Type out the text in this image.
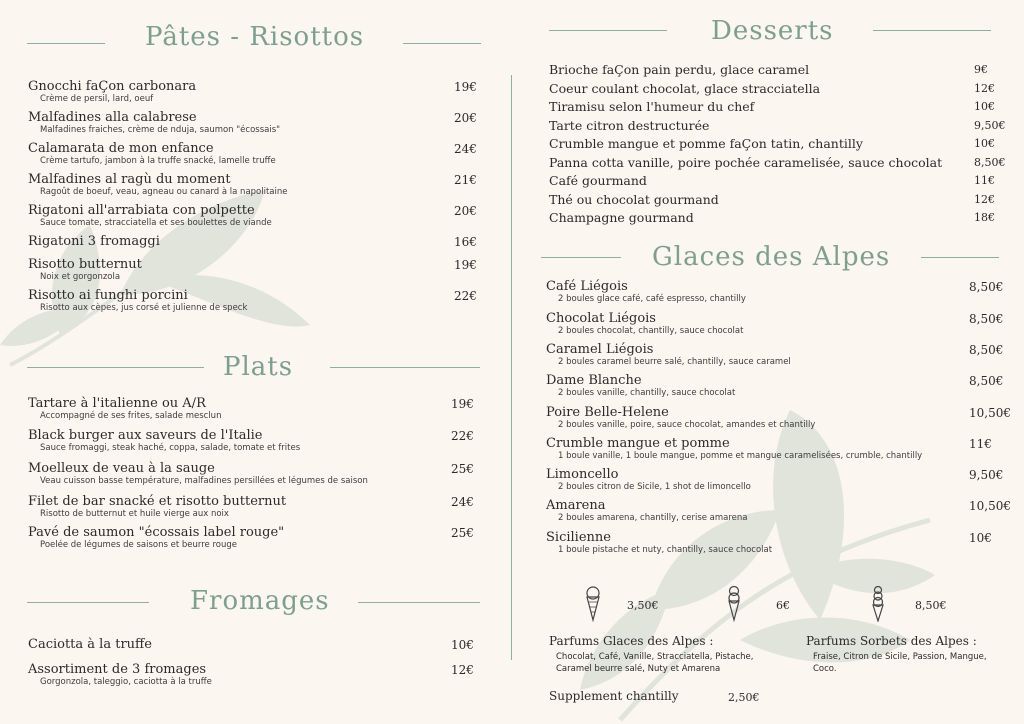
Pâtes - Risottos
Gnocchi faÇon carbonara
Crème de persil, lard, oeuf
19€
Malfadines alla calabrese
Malfadines fraiches, crème de nduja, saumon "écossais"
20€
Calamarata de mon enfance
Crème tartufo, jambon à la truffe snacké, lamelle truffe
24€
Malfadines al ragù du moment
Ragoût de boeuf, veau, agneau ou canard à la napolitaine
21€
Rigatoni all'arrabiata con polpette
Sauce tomate, stracciatella et ses boulettes de viande
20€
Rigatoni 3 fromaggi	16€
Risotto butternut
Noix et gorgonzola
19€
Risotto ai funghi porcini
Risotto aux cèpes, jus corsé et julienne de speck
22€
Plats
Tartare à l'italienne ou A/R
Accompagné de ses frites, salade mesclun
19€
Black burger aux saveurs de l'Italie
Sauce fromaggi, steak haché, coppa, salade, tomate et frites
22€
Moelleux de veau à la sauge
Veau cuisson basse température, malfadines persillées et légumes de saison
25€
Filet de bar snacké et risotto butternut
Risotto de butternut et huile vierge aux noix
24€
Pavé de saumon "écossais label rouge"
Poelée de légumes de saisons et beurre rouge
25€
Fromages
Caciotta à la truffe	10€
Assortiment de 3 fromages
Gorgonzola, taleggio, caciotta à la truffe
12€
Desserts
Brioche faÇon pain perdu, glace caramel	9€
Coeur coulant chocolat, glace stracciatella	12€
Tiramisu selon l'humeur du chef	10€
Tarte citron destructurée	9,50€
Crumble mangue et pomme faÇon tatin, chantilly	10€
Panna cotta vanille, poire pochée caramelisée, sauce chocolat	8,50€
Café gourmand	11€
Thé ou chocolat gourmand	12€
Champagne gourmand	18€
Glaces des Alpes
Café Liégois
2 boules glace café, café espresso, chantilly
8,50€
Chocolat Liégois
2 boules chocolat, chantilly, sauce chocolat
8,50€
Caramel Liégois
2 boules caramel beurre salé, chantilly, sauce caramel
8,50€
Dame Blanche
2 boules vanille, chantilly, sauce chocolat
8,50€
Poire Belle-Helene
2 boules vanille, poire, sauce chocolat, amandes et chantilly
10,50€
Crumble mangue et pomme
1 boule vanille, 1 boule mangue, pomme et mangue caramelisées, crumble, chantilly
11€
Limoncello
2 boules citron de Sicile, 1 shot de limoncello
9,50€
Amarena
2 boules amarena, chantilly, cerise amarena
10,50€
Sicilienne
1 boule pistache et nuty, chantilly, sauce chocolat
10€
3,50€	6€	8,50€
Parfums Glaces des Alpes :
Chocolat, Café, Vanille, Stracciatella, Pistache,
Caramel beurre salé, Nuty et Amarena
Parfums Sorbets des Alpes :
Fraise, Citron de Sicile, Passion, Mangue,
Coco.
Supplement chantilly	2,50€
